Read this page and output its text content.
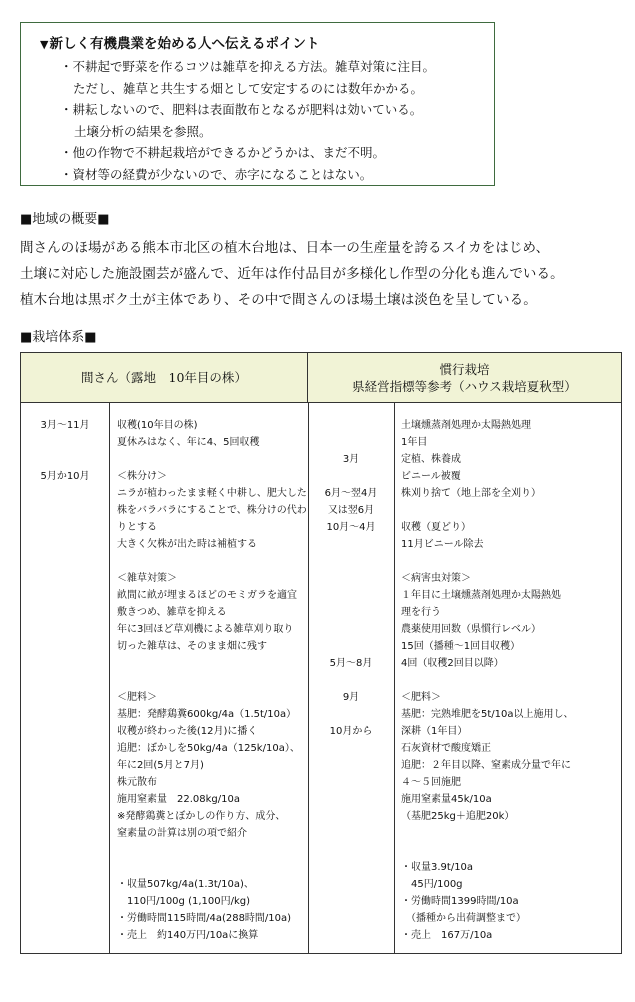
▼新しく有機農業を始める人へ伝えるポイント
・不耕起で野菜を作るコツは雑草を抑える方法。雑草対策に注目。
ただし、雑草と共生する畑として安定するのには数年かかる。
・耕耘しないので、肥料は表面散布となるが肥料は効いている。
土壌分析の結果を参照。
・他の作物で不耕起栽培ができるかどうかは、まだ不明。
・資材等の経費が少ないので、赤字になることはない。
■地域の概要■
間さんのほ場がある熊本市北区の植木台地は、日本一の生産量を誇るスイカをはじめ、
土壌に対応した施設園芸が盛んで、近年は作付品目が多様化し作型の分化も進んでいる。
植木台地は黒ボク土が主体であり、その中で間さんのほ場土壌は淡色を呈している。
■栽培体系■
間さん（露地　10年目の株）
慣行栽培
県経営指標等参考（ハウス栽培夏秋型）
3月～11月
5月か10月
収穫(10年目の株)
夏休みはなく、年に4、5回収穫
＜株分け＞
ニラが植わったまま軽く中耕し、肥大した
株をバラバラにすることで、株分けの代わ
りとする
大きく欠株が出た時は補植する
＜雑草対策＞
畝間に畝が埋まるほどのモミガラを適宜
敷きつめ、雑草を抑える
年に3回ほど草刈機による雑草刈り取り
切った雑草は、そのまま畑に残す
＜肥料＞
基肥：発酵鶏糞600kg/4a（1.5t/10a）
収穫が終わった後(12月)に播く
追肥：ぼかしを50kg/4a（125k/10a）、
年に2回(5月と7月)
株元散布
施用窒素量　22.08kg/10a
※発酵鶏糞とぼかしの作り方、成分、
窒素量の計算は別の項で紹介
・収量507kg/4a(1.3t/10a)、
　110円/100g (1,100円/kg)
・労働時間115時間/4a(288時間/10a)
・売上　約140万円/10aに換算
3月
6月～翌4月
又は翌6月
10月～4月
5月～8月
9月
10月から
土壌燻蒸剤処理か太陽熱処理
1年目
定植、株養成
ビニール被覆
株刈り捨て（地上部を全刈り）
収穫（夏どり）
11月ビニール除去
＜病害虫対策＞
１年目に土壌燻蒸剤処理か太陽熱処
理を行う
農薬使用回数（県慣行レベル）
15回（播種～1回目収穫）
4回（収穫2回目以降）
＜肥料＞
基肥：完熟堆肥を5t/10a以上施用し、
深耕（1年目）
石灰資材で酸度矯正
追肥：２年目以降、窒素成分量で年に
４～５回施肥
施用窒素量45k/10a
（基肥25kg＋追肥20k）
・収量3.9t/10a
　45円/100g
・労働時間1399時間/10a
　（播種から出荷調整まで）
・売上　167万/10a
